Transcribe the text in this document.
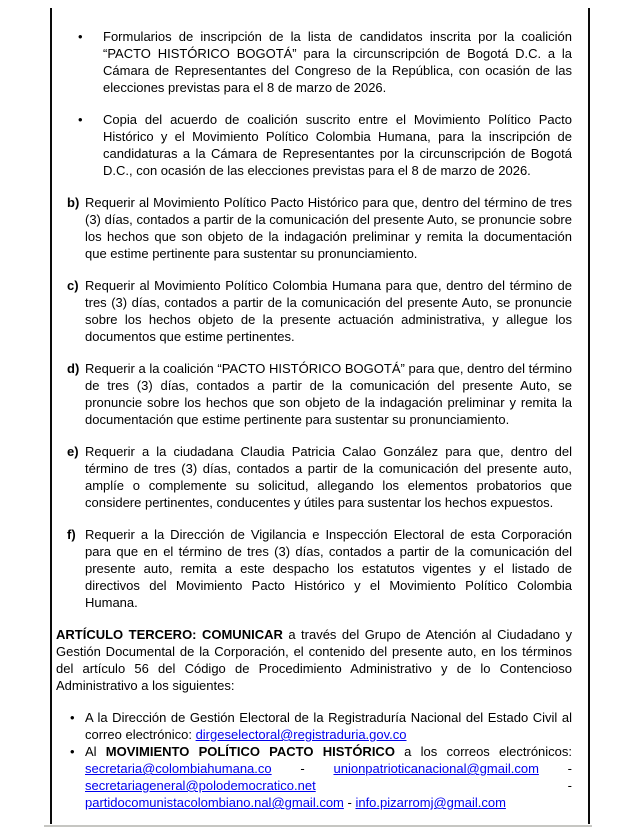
• Formularios de inscripción de la lista de candidatos inscrita por la coalición “PACTO HISTÓRICO BOGOTÁ” para la circunscripción de Bogotá D.C. a la Cámara de Representantes del Congreso de la República, con ocasión de las elecciones previstas para el 8 de marzo de 2026.
• Copia del acuerdo de coalición suscrito entre el Movimiento Político Pacto Histórico y el Movimiento Político Colombia Humana, para la inscripción de candidaturas a la Cámara de Representantes por la circunscripción de Bogotá D.C., con ocasión de las elecciones previstas para el 8 de marzo de 2026.
b) Requerir al Movimiento Político Pacto Histórico para que, dentro del término de tres (3) días, contados a partir de la comunicación del presente Auto, se pronuncie sobre los hechos que son objeto de la indagación preliminar y remita la documentación que estime pertinente para sustentar su pronunciamiento.
c) Requerir al Movimiento Político Colombia Humana para que, dentro del término de tres (3) días, contados a partir de la comunicación del presente Auto, se pronuncie sobre los hechos objeto de la presente actuación administrativa, y allegue los documentos que estime pertinentes.
d) Requerir a la coalición “PACTO HISTÓRICO BOGOTÁ” para que, dentro del término de tres (3) días, contados a partir de la comunicación del presente Auto, se pronuncie sobre los hechos que son objeto de la indagación preliminar y remita la documentación que estime pertinente para sustentar su pronunciamiento.
e) Requerir a la ciudadana Claudia Patricia Calao González para que, dentro del término de tres (3) días, contados a partir de la comunicación del presente auto, amplíe o complemente su solicitud, allegando los elementos probatorios que considere pertinentes, conducentes y útiles para sustentar los hechos expuestos.
f) Requerir a la Dirección de Vigilancia e Inspección Electoral de esta Corporación para que en el término de tres (3) días, contados a partir de la comunicación del presente auto, remita a este despacho los estatutos vigentes y el listado de directivos del Movimiento Pacto Histórico y el Movimiento Político Colombia Humana.

ARTÍCULO TERCERO: COMUNICAR a través del Grupo de Atención al Ciudadano y Gestión Documental de la Corporación, el contenido del presente auto, en los términos del artículo 56 del Código de Procedimiento Administrativo y de lo Contencioso Administrativo a los siguientes:

• A la Dirección de Gestión Electoral de la Registraduría Nacional del Estado Civil al correo electrónico: dirgeselectoral@registraduria.gov.co
• Al MOVIMIENTO POLÍTICO PACTO HISTÓRICO a los correos electrónicos: secretaria@colombiahumana.co - unionpatrioticanacional@gmail.com - secretariageneral@polodemocratico.net - partidocomunistacolombiano.nal@gmail.com - info.pizarromj@gmail.com
